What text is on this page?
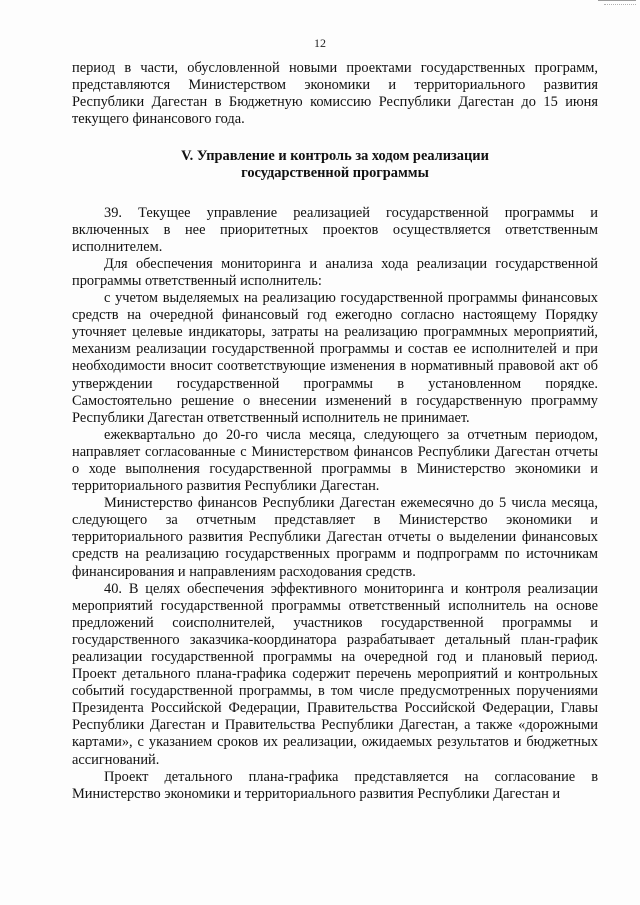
12

период в части, обусловленной новыми проектами государственных программ, представляются Министерством экономики и территориального развития Республики Дагестан в Бюджетную комиссию Республики Дагестан до 15 июня текущего финансового года.

V. Управление и контроль за ходом реализации

государственной программы

39. Текущее управление реализацией государственной программы и включенных в нее приоритетных проектов осуществляется ответственным исполнителем.

Для обеспечения мониторинга и анализа хода реализации государственной программы ответственный исполнитель:

с учетом выделяемых на реализацию государственной программы финансовых средств на очередной финансовый год ежегодно согласно настоящему Порядку уточняет целевые индикаторы, затраты на реализацию программных мероприятий, механизм реализации государственной программы и состав ее исполнителей и при необходимости вносит соответствующие изменения в нормативный правовой акт об утверждении государственной программы в установленном порядке. Самостоятельно решение о внесении изменений в государственную программу Республики Дагестан ответственный исполнитель не принимает.

ежеквартально до 20-го числа месяца, следующего за отчетным периодом, направляет согласованные с Министерством финансов Республики Дагестан отчеты о ходе выполнения государственной программы в Министерство экономики и территориального развития Республики Дагестан.

Министерство финансов Республики Дагестан ежемесячно до 5 числа месяца, следующего за отчетным представляет в Министерство экономики и территориального развития Республики Дагестан отчеты о выделении финансовых средств на реализацию государственных программ и подпрограмм по источникам финансирования и направлениям расходования средств.

40. В целях обеспечения эффективного мониторинга и контроля реализации мероприятий государственной программы ответственный исполнитель на основе предложений соисполнителей, участников государственной программы и государственного заказчика-координатора разрабатывает детальный план-график реализации государственной программы на очередной год и плановый период. Проект детального плана-графика содержит перечень мероприятий и контрольных событий государственной программы, в том числе предусмотренных поручениями Президента Российской Федерации, Правительства Российской Федерации, Главы Республики Дагестан и Правительства Республики Дагестан, а также «дорожными картами», с указанием сроков их реализации, ожидаемых результатов и бюджетных ассигнований.

Проект детального плана-графика представляется на согласование в Министерство экономики и территориального развития Республики Дагестан и
